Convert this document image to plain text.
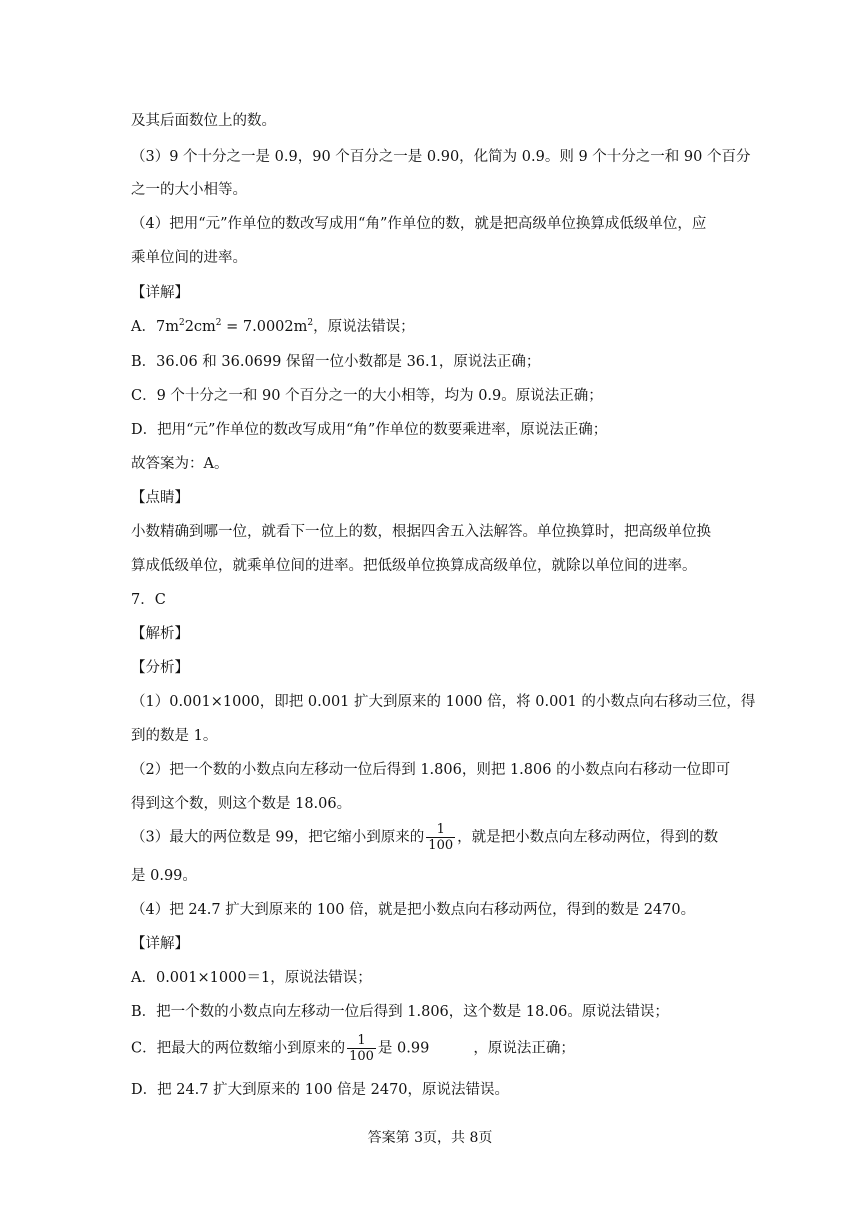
及其后面数位上的数。
（3）9 个十分之一是 0.9，90 个百分之一是 0.90，化简为 0.9。则 9 个十分之一和 90 个百分
之一的大小相等。
（4）把用“元”作单位的数改写成用“角”作单位的数，就是把高级单位换算成低级单位，应
乘单位间的进率。
【详解】
A．$7m^22cm^2 = 7.0002m^2$，原说法错误；
B．36.06 和 36.0699 保留一位小数都是 36.1，原说法正确；
C．9 个十分之一和 90 个百分之一的大小相等，均为 0.9。原说法正确；
D．把用“元”作单位的数改写成用“角”作单位的数要乘进率，原说法正确；
故答案为：A。
【点睛】
小数精确到哪一位，就看下一位上的数，根据四舍五入法解答。单位换算时，把高级单位换
算成低级单位，就乘单位间的进率。把低级单位换算成高级单位，就除以单位间的进率。
7．C
【解析】
【分析】
（1）0.001×1000，即把 0.001 扩大到原来的 1000 倍，将 0.001 的小数点向右移动三位，得
到的数是 1。
（2）把一个数的小数点向左移动一位后得到 1.806，则把 1.806 的小数点向右移动一位即可
得到这个数，则这个数是 18.06。
（3）最大的两位数是 99，把它缩小到原来的 $\frac{1}{100}$ ，就是把小数点向左移动两位，得到的数
是 0.99。
（4）把 24.7 扩大到原来的 100 倍，就是把小数点向右移动两位，得到的数是 2470。
【详解】
A．0.001×1000＝1，原说法错误；
B．把一个数的小数点向左移动一位后得到 1.806，这个数是 18.06。原说法错误；
C．把最大的两位数缩小到原来的 $\frac{1}{100}$ 是 0.99	，原说法正确；
D．把 24.7 扩大到原来的 100 倍是 2470，原说法错误。
答案第 3页，共 8页
